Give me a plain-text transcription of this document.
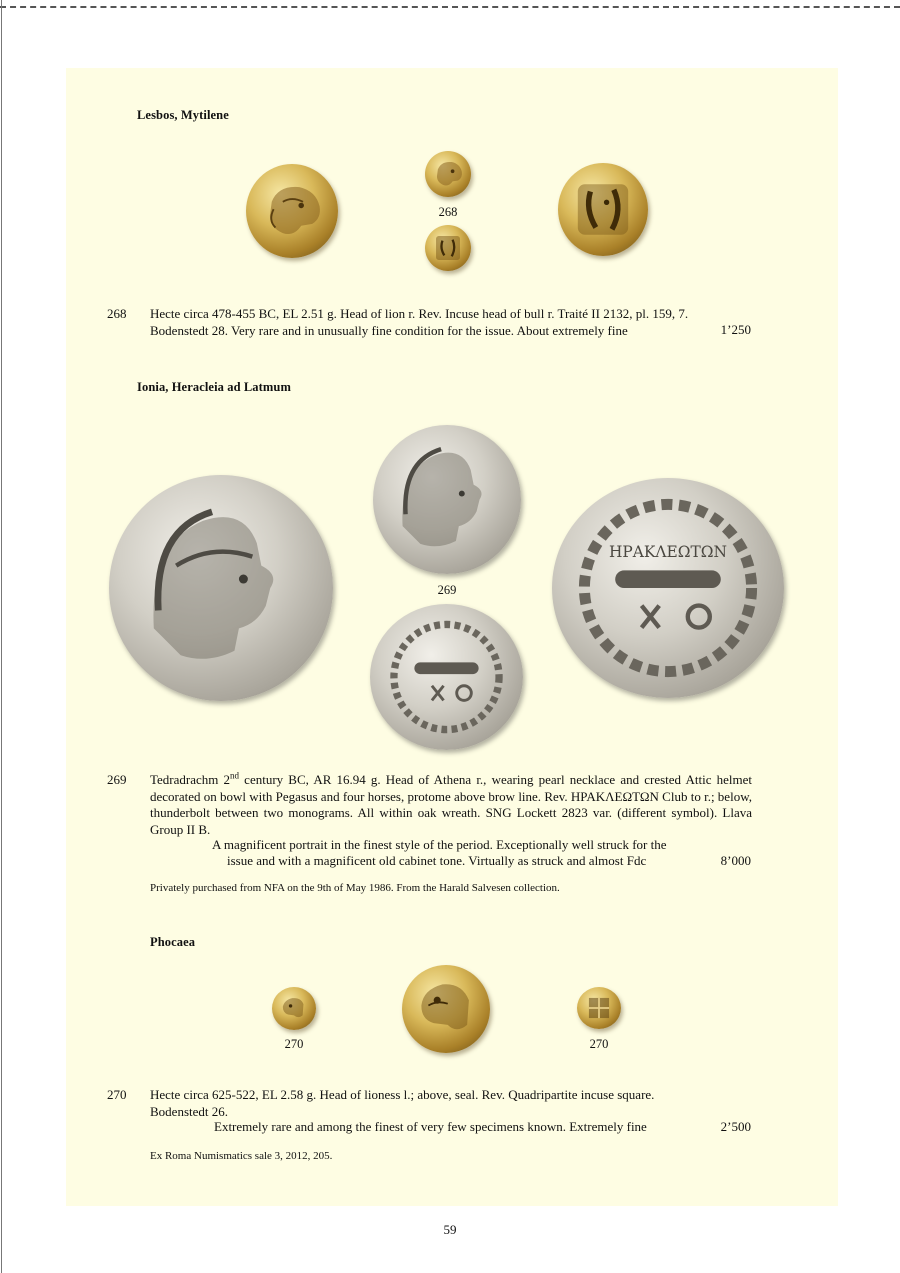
Lesbos, Mytilene
268
268 Hecte circa 478-455 BC, EL 2.51 g. Head of lion r. Rev. Incuse head of bull r. Traité II 2132, pl. 159, 7.

Bodenstedt 28. Very rare and in unusually fine condition for the issue. About extremely fine	1’250
Ionia, Heracleia ad Latmum
269
ΗΡΑΚΛΕΩΤΩΝ
269 Tedradrachm 2nd century BC, AR 16.94 g. Head of Athena r., wearing pearl necklace and crested Attic helmet decorated on bowl with Pegasus and four horses, protome above brow line. Rev. ΗΡΑΚΛΕΩΤΩΝ Club to r.; below, thunderbolt between two monograms. All within oak wreath. SNG Lockett 2823 var. (different symbol). Llava Group II B.

A magnificent portrait in the finest style of the period. Exceptionally well struck for the
issue and with a magnificent old cabinet tone. Virtually as struck and almost Fdc	8’000
Privately purchased from NFA on the 9th of May 1986. From the Harald Salvesen collection.
Phocaea
270	270
270 Hecte circa 625-522, EL 2.58 g. Head of lioness l.; above, seal. Rev. Quadripartite incuse square.

Bodenstedt 26.

Extremely rare and among the finest of very few specimens known. Extremely fine	2’500
Ex Roma Numismatics sale 3, 2012, 205.
59
